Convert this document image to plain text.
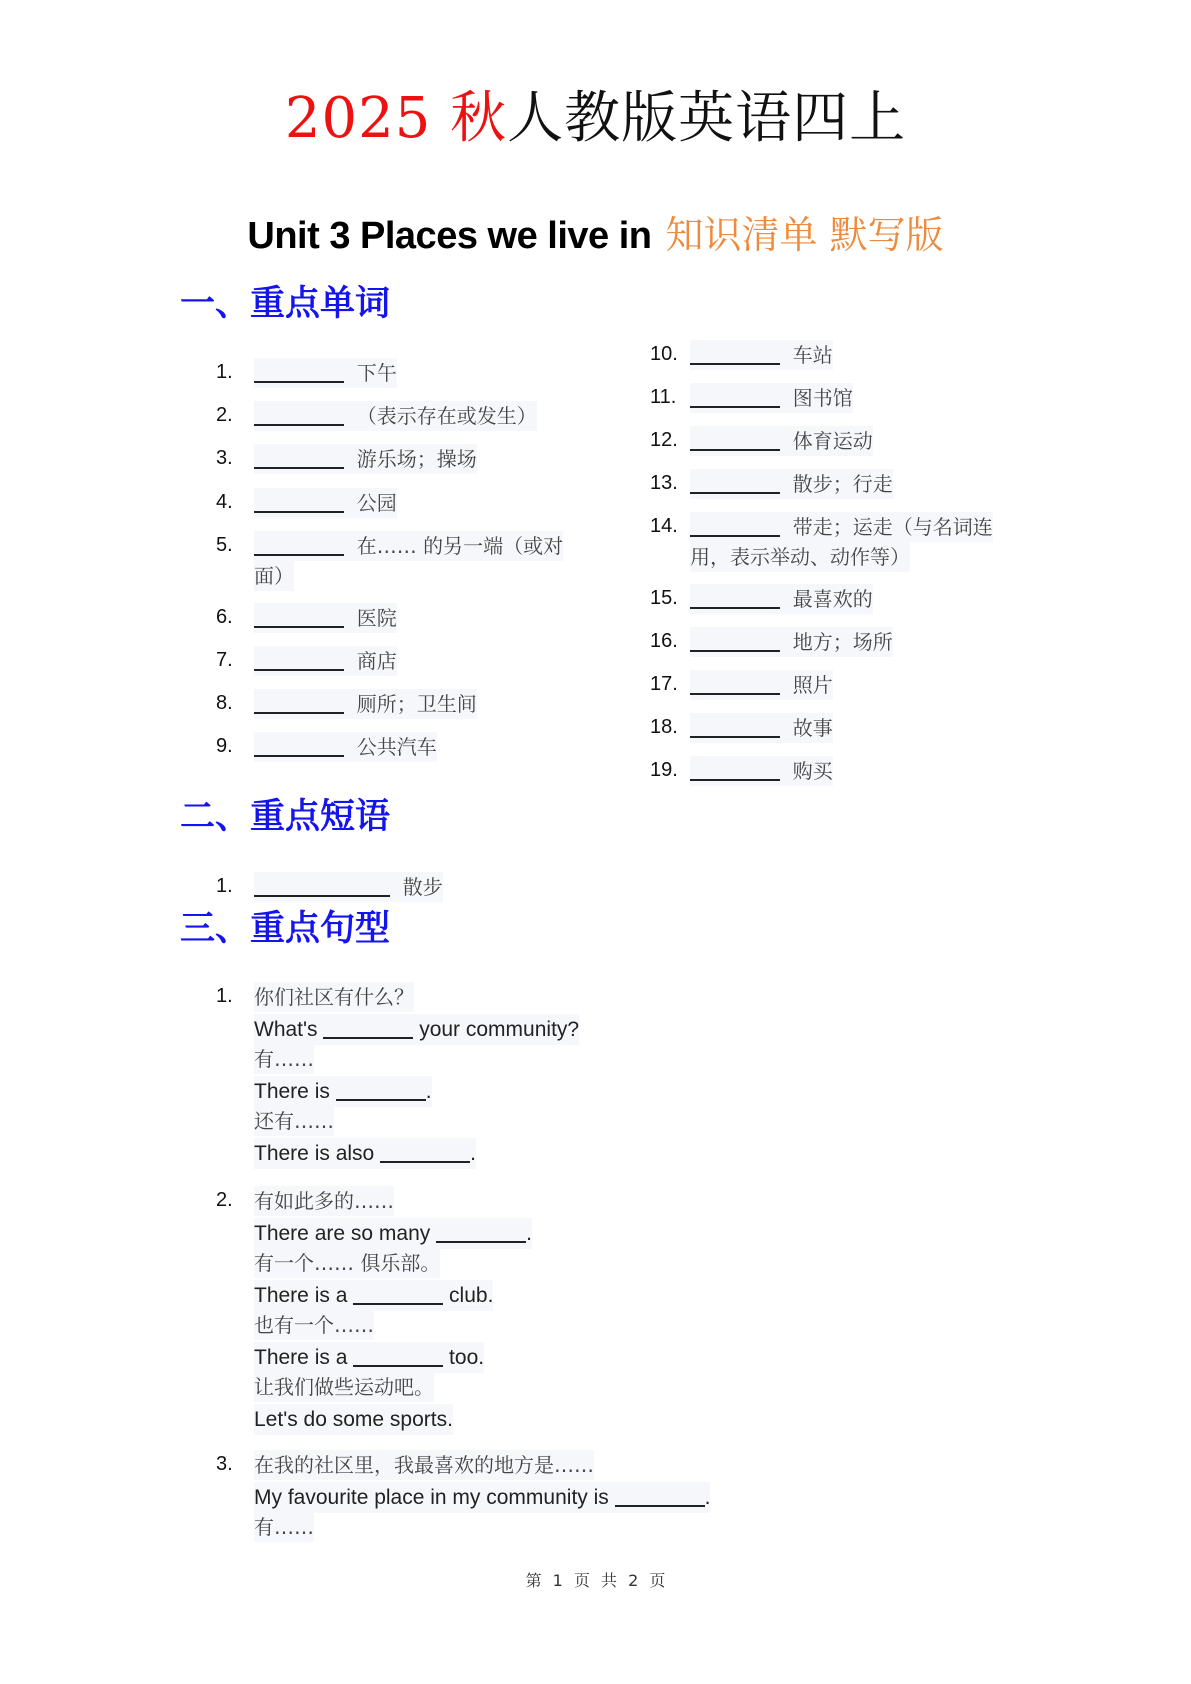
2025 秋人教版英语四上
Unit 3 Places we live in 知识清单 默写版
一、重点单词
二、重点短语
1.	散步
三、重点句型
第 1 页 共 2 页
1.	下午
2.	（表示存在或发生）
3.	游乐场；操场
4.	公园
5.	在…… 的另一端（或对
面）
6.	医院
7.	商店
8.	厕所；卫生间
9.	公共汽车
10.	车站
11.	图书馆
12.	体育运动
13.	散步；行走
14.	带走；运走（与名词连
用，表示举动、动作等）
15.	最喜欢的
16.	地方；场所
17.	照片
18.	故事
19.	购买
1. 你们社区有什么？
What's	your community?
有……
There is	.
还有……
There is also	.
2. 有如此多的……
There are so many	.
有一个…… 俱乐部。
There is a	club.
也有一个……
There is a	too.
让我们做些运动吧。
Let's do some sports.
3. 在我的社区里，我最喜欢的地方是……
My favourite place in my community is	.
有……
